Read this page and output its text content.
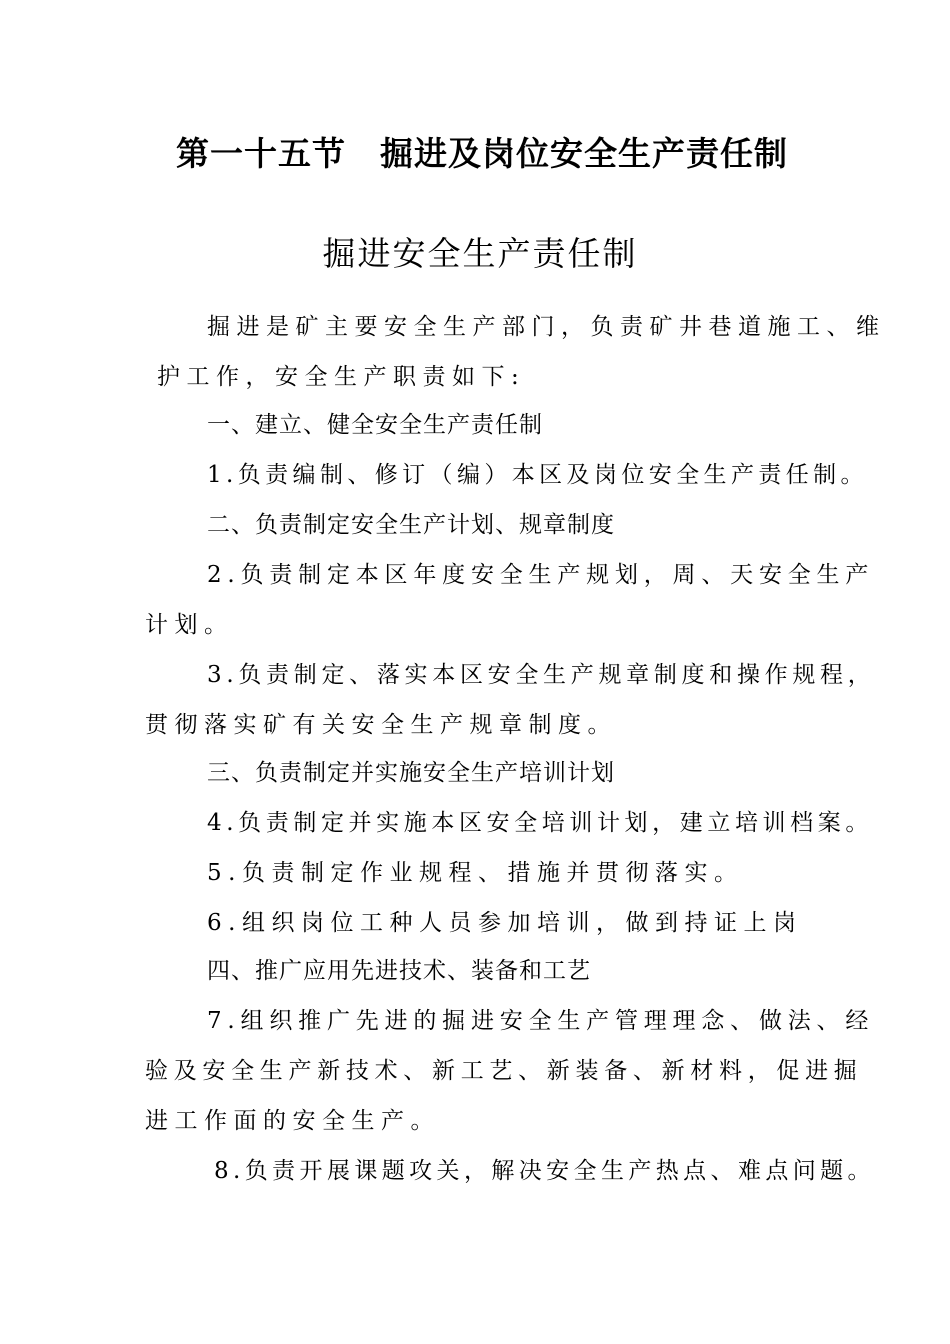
第一十五节　掘进及岗位安全生产责任制
掘进安全生产责任制
掘进是矿主要安全生产部门，负责矿井巷道施工、维
护工作，安全生产职责如下:
一、建立、健全安全生产责任制
1.负责编制、修订（编）本区及岗位安全生产责任制。
二、负责制定安全生产计划、规章制度
2.负责制定本区年度安全生产规划，周、天安全生产
计划。
3.负责制定、落实本区安全生产规章制度和操作规程，
贯彻落实矿有关安全生产规章制度。
三、负责制定并实施安全生产培训计划
4.负责制定并实施本区安全培训计划，建立培训档案。
5.负责制定作业规程、措施并贯彻落实。
6.组织岗位工种人员参加培训，做到持证上岗
四、推广应用先进技术、装备和工艺
7.组织推广先进的掘进安全生产管理理念、做法、经
验及安全生产新技术、新工艺、新装备、新材料，促进掘
进工作面的安全生产。
8.负责开展课题攻关，解决安全生产热点、难点问题。
